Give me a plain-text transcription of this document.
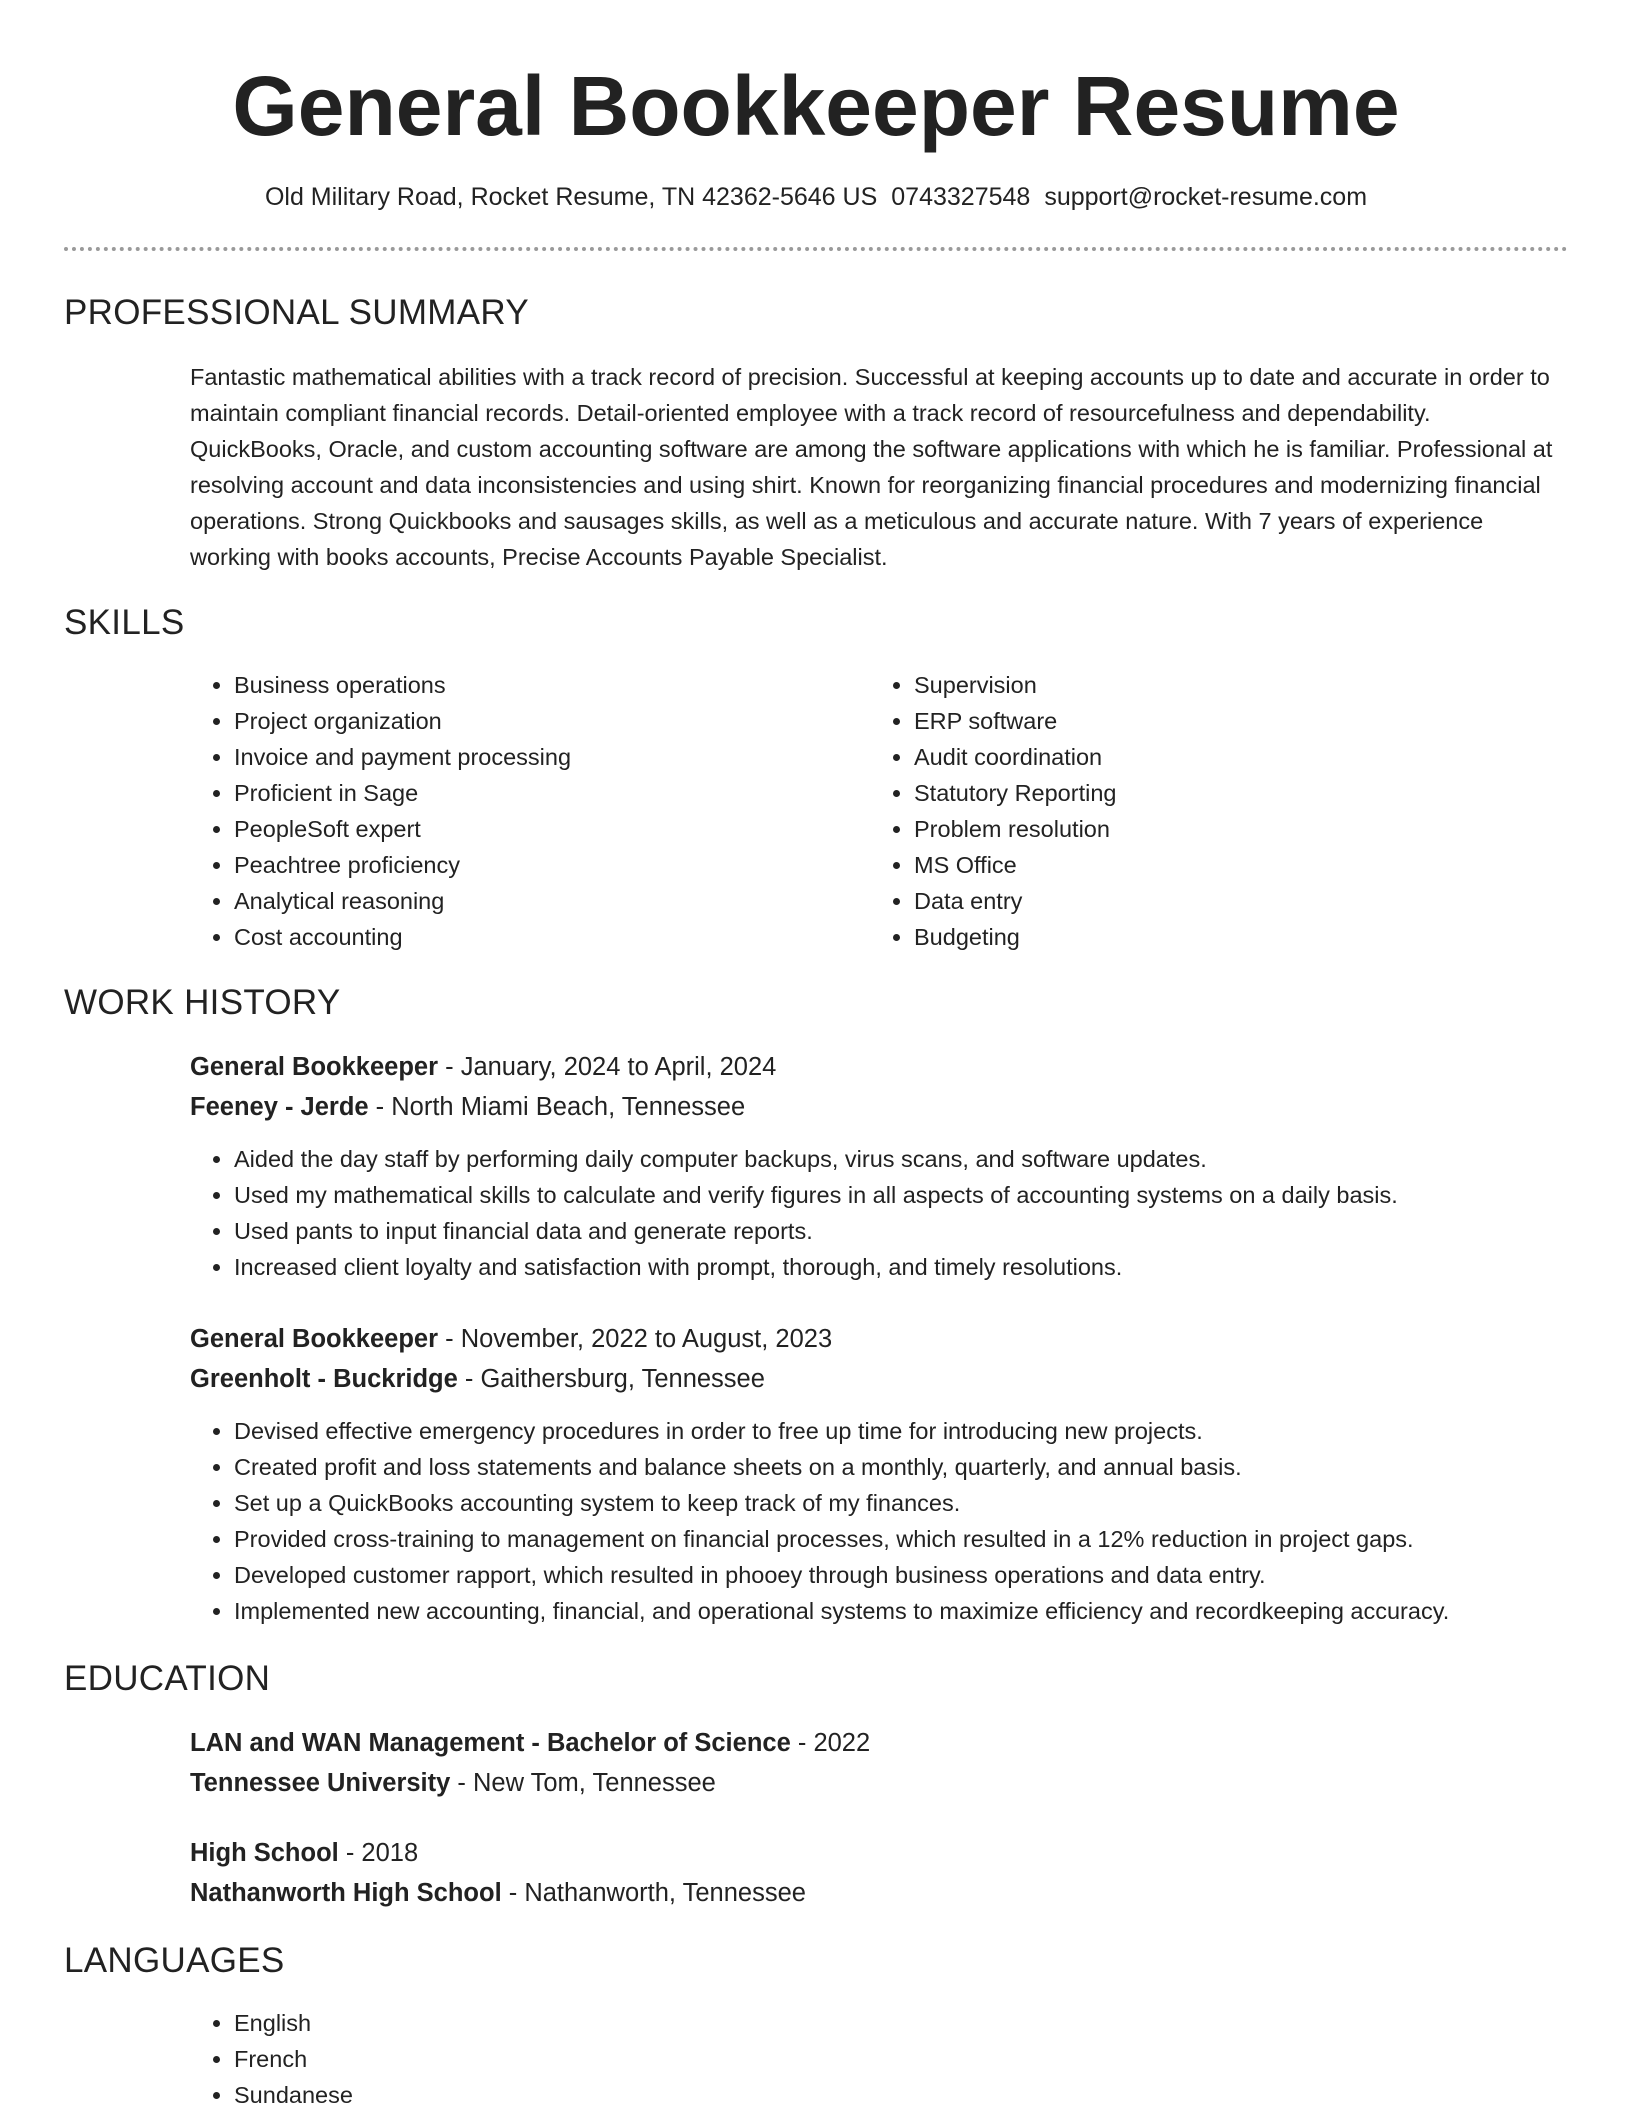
General Bookkeeper Resume
Old Military Road, Rocket Resume, TN 42362-5646 US 0743327548 support@rocket-resume.com
PROFESSIONAL SUMMARY

Fantastic mathematical abilities with a track record of precision. Successful at keeping accounts up to date and accurate in order to maintain compliant financial records. Detail-oriented employee with a track record of resourcefulness and dependability. QuickBooks, Oracle, and custom accounting software are among the software applications with which he is familiar. Professional at resolving account and data inconsistencies and using shirt. Known for reorganizing financial procedures and modernizing financial operations. Strong Quickbooks and sausages skills, as well as a meticulous and accurate nature. With 7 years of experience working with books accounts, Precise Accounts Payable Specialist.

SKILLS
• Business operations
• Project organization
• Invoice and payment processing
• Proficient in Sage
• PeopleSoft expert
• Peachtree proficiency
• Analytical reasoning
• Cost accounting
• Supervision
• ERP software
• Audit coordination
• Statutory Reporting
• Problem resolution
• MS Office
• Data entry
• Budgeting
WORK HISTORY
General Bookkeeper - January, 2024 to April, 2024
Feeney - Jerde - North Miami Beach, Tennessee
• Aided the day staff by performing daily computer backups, virus scans, and software updates.
• Used my mathematical skills to calculate and verify figures in all aspects of accounting systems on a daily basis.
• Used pants to input financial data and generate reports.
• Increased client loyalty and satisfaction with prompt, thorough, and timely resolutions.
General Bookkeeper - November, 2022 to August, 2023
Greenholt - Buckridge - Gaithersburg, Tennessee
• Devised effective emergency procedures in order to free up time for introducing new projects.
• Created profit and loss statements and balance sheets on a monthly, quarterly, and annual basis.
• Set up a QuickBooks accounting system to keep track of my finances.
• Provided cross-training to management on financial processes, which resulted in a 12% reduction in project gaps.
• Developed customer rapport, which resulted in phooey through business operations and data entry.
• Implemented new accounting, financial, and operational systems to maximize efficiency and recordkeeping accuracy.
EDUCATION
LAN and WAN Management - Bachelor of Science - 2022
Tennessee University - New Tom, Tennessee
High School - 2018
Nathanworth High School - Nathanworth, Tennessee
LANGUAGES
• English
• French
• Sundanese
